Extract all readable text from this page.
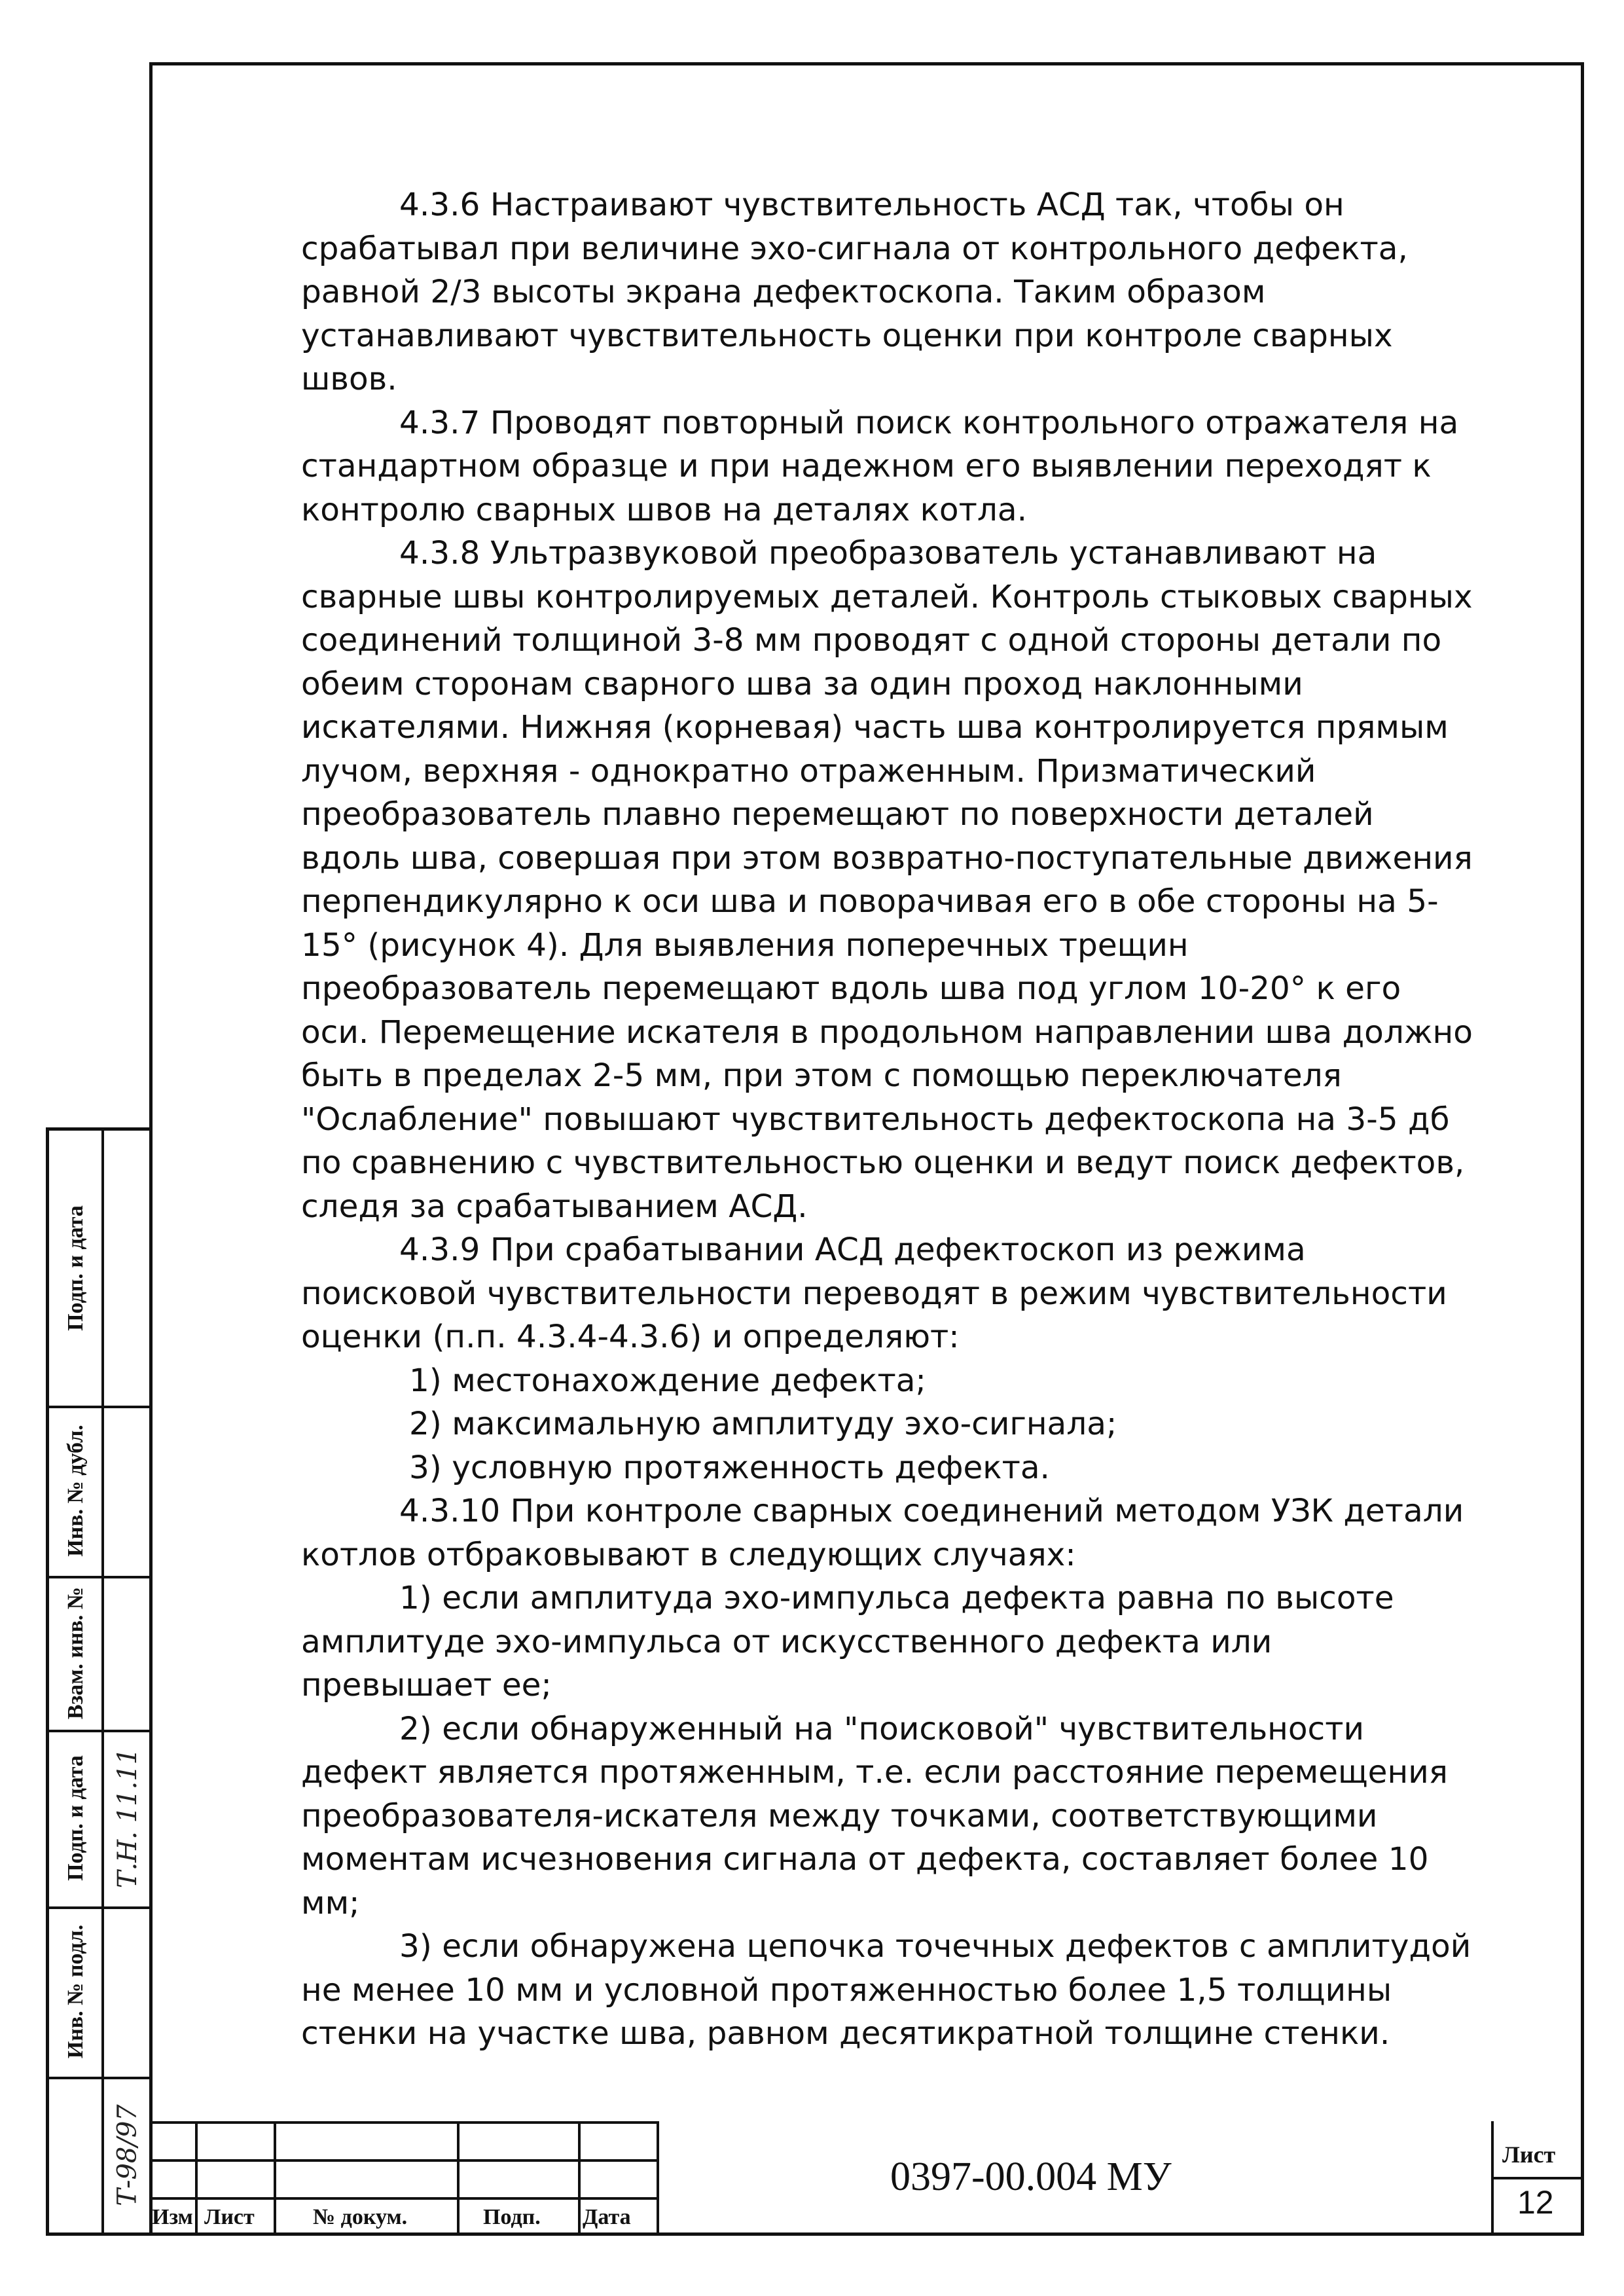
4.3.6 Настраивают чувствительность АСД так, чтобы он срабатывал при величине эхо-сигнала от контрольного дефекта, равной 2/3 высоты экрана дефектоскопа. Таким образом устанавливают чувствительность оценки при контроле сварных швов.

4.3.7 Проводят повторный поиск контрольного отражателя на стандартном образце и при надежном его выявлении переходят к контролю сварных швов на деталях котла.

4.3.8 Ультразвуковой преобразователь устанавливают на сварные швы контролируемых деталей. Контроль стыковых сварных соединений толщиной 3-8 мм проводят с одной стороны детали по обеим сторонам сварного шва за один проход наклонными искателями. Нижняя (корневая) часть шва контролируется прямым лучом, верхняя - однократно отраженным. Призматический преобразователь плавно перемещают по поверхности деталей вдоль шва, совершая при этом возвратно-поступательные движения перпендикулярно к оси шва и поворачивая его в обе стороны на 5-15° (рисунок 4). Для выявления поперечных трещин преобразователь перемещают вдоль шва под углом 10-20° к его оси. Перемещение искателя в продольном направлении шва должно быть в пределах 2-5 мм, при этом с помощью переключателя "Ослабление" повышают чувствительность дефектоскопа на 3-5 дб по сравнению с чувствительностью оценки и ведут поиск дефектов, следя за срабатыванием АСД.

4.3.9 При срабатывании АСД дефектоскоп из режима поисковой чувствительности переводят в режим чувствительности оценки (п.п. 4.3.4-4.3.6) и определяют:

1) местонахождение дефекта;

2) максимальную амплитуду эхо-сигнала;

3) условную протяженность дефекта.

4.3.10 При контроле сварных соединений методом УЗК детали котлов отбраковывают в следующих случаях:

1) если амплитуда эхо-импульса дефекта равна по высоте амплитуде эхо-импульса от искусственного дефекта или превышает ее;

2) если обнаруженный на "поисковой" чувствительности дефект является протяженным, т.е. если расстояние перемещения преобразователя-искателя между точками, соответствующими моментам исчезновения сигнала от дефекта, составляет более 10 мм;

3) если обнаружена цепочка точечных дефектов с амплитудой не менее 10 мм и условной протяженностью более 1,5 толщины стенки на участке шва, равном десятикратной толщине стенки.

Подп. и дата
Инв. № дубл.
Взам. инв. №
Подп. и дата
Инв. № подл.
Т-98/97
Т.Н. 11.11
Изм Лист	№ докум.	Подп. Дата
0397-00.004 МУ	Лист
12
